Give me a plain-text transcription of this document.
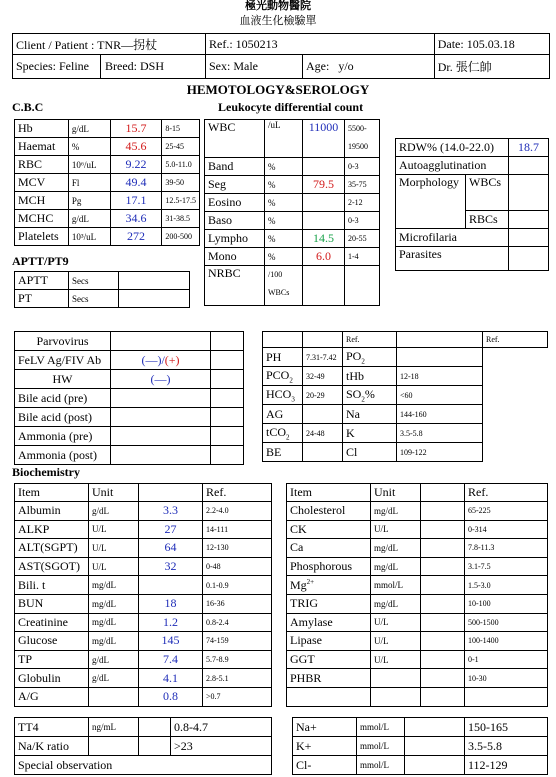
極光動物醫院
血液生化檢驗單
Client / Patient : TNR—拐杖	Ref.: 1050213		Date: 105.03.18
Species: Feline Breed: DSH	Sex: Male	Age: y/o	Dr. 張仁帥
HEMOTOLOGY&SEROLOGY
C.B.C
Hb	g/dL	15.7	8-15
Haemat	%	45.6	25-45
RBC	10⁶/uL	9.22	5.0-11.0
MCV	Fl	49.4	39-50
MCH	Pg	17.1	12.5-17.5
MCHC	g/dL	34.6	31-38.5
Platelets	10³/uL	272	200-500
Leukocyte differential count
WBC	/uL	11000	5500-
19500
Band	%		0-3
Seg	%	79.5	35-75
Eosino	%		2-12
Baso	%		0-3
Lympho	%	14.5	20-55
Mono	%	6.0	1-4
NRBC	/100
WBCs		
RDW% (14.0-22.0)		18.7
Autoagglutination		
Morphology	WBCs	
	RBCs	
Microfilaria		
Parasites		
APTT/PT9
APTT	Secs	
PT	Secs	
Parvovirus		
FeLV Ag/FIV Ab	(—)/(+)	
HW	(—)	
Bile acid (pre)		
Bile acid (post)		
Ammonia (pre)		
Ammonia (post)		
		Ref.		Ref.
PH	7.31-7.42	$PO_2$	
$PCO_2$	32-49	tHb	12-18	
$HCO_3$	20-29	$SO_2\%$	<60	
AG		Na	144-160	
tCO$_2$	24-48	K	3.5-5.8	
BE		Cl	109-122	
Biochemistry
Item	Unit		Ref.
Albumin	g/dL	3.3	2.2-4.0
ALKP	U/L	27	14-111
ALT(SGPT)	U/L	64	12-130
AST(SGOT)	U/L	32	0-48
Bili. t	mg/dL		0.1-0.9
BUN	mg/dL	18	16-36
Creatinine	mg/dL	1.2	0.8-2.4
Glucose	mg/dL	145	74-159
TP	g/dL	7.4	5.7-8.9
Globulin	g/dL	4.1	2.8-5.1
A/G		0.8	>0.7
Item	Unit		Ref.
Cholesterol	mg/dL		65-225
CK	U/L		0-314
Ca	mg/dL		7.8-11.3
Phosphorous	mg/dL		3.1-7.5
$Mg^{2+}$	mmol/L		1.5-3.0
TRIG	mg/dL		10-100
Amylase	U/L		500-1500
Lipase	U/L		100-1400
GGT	U/L		0-1
PHBR			10-30

TT4	ng/mL		0.8-4.7
Na/K ratio			>23
Special observation			
Na+	mmol/L		150-165
K+	mmol/L		3.5-5.8
Cl-	mmol/L		112-129
